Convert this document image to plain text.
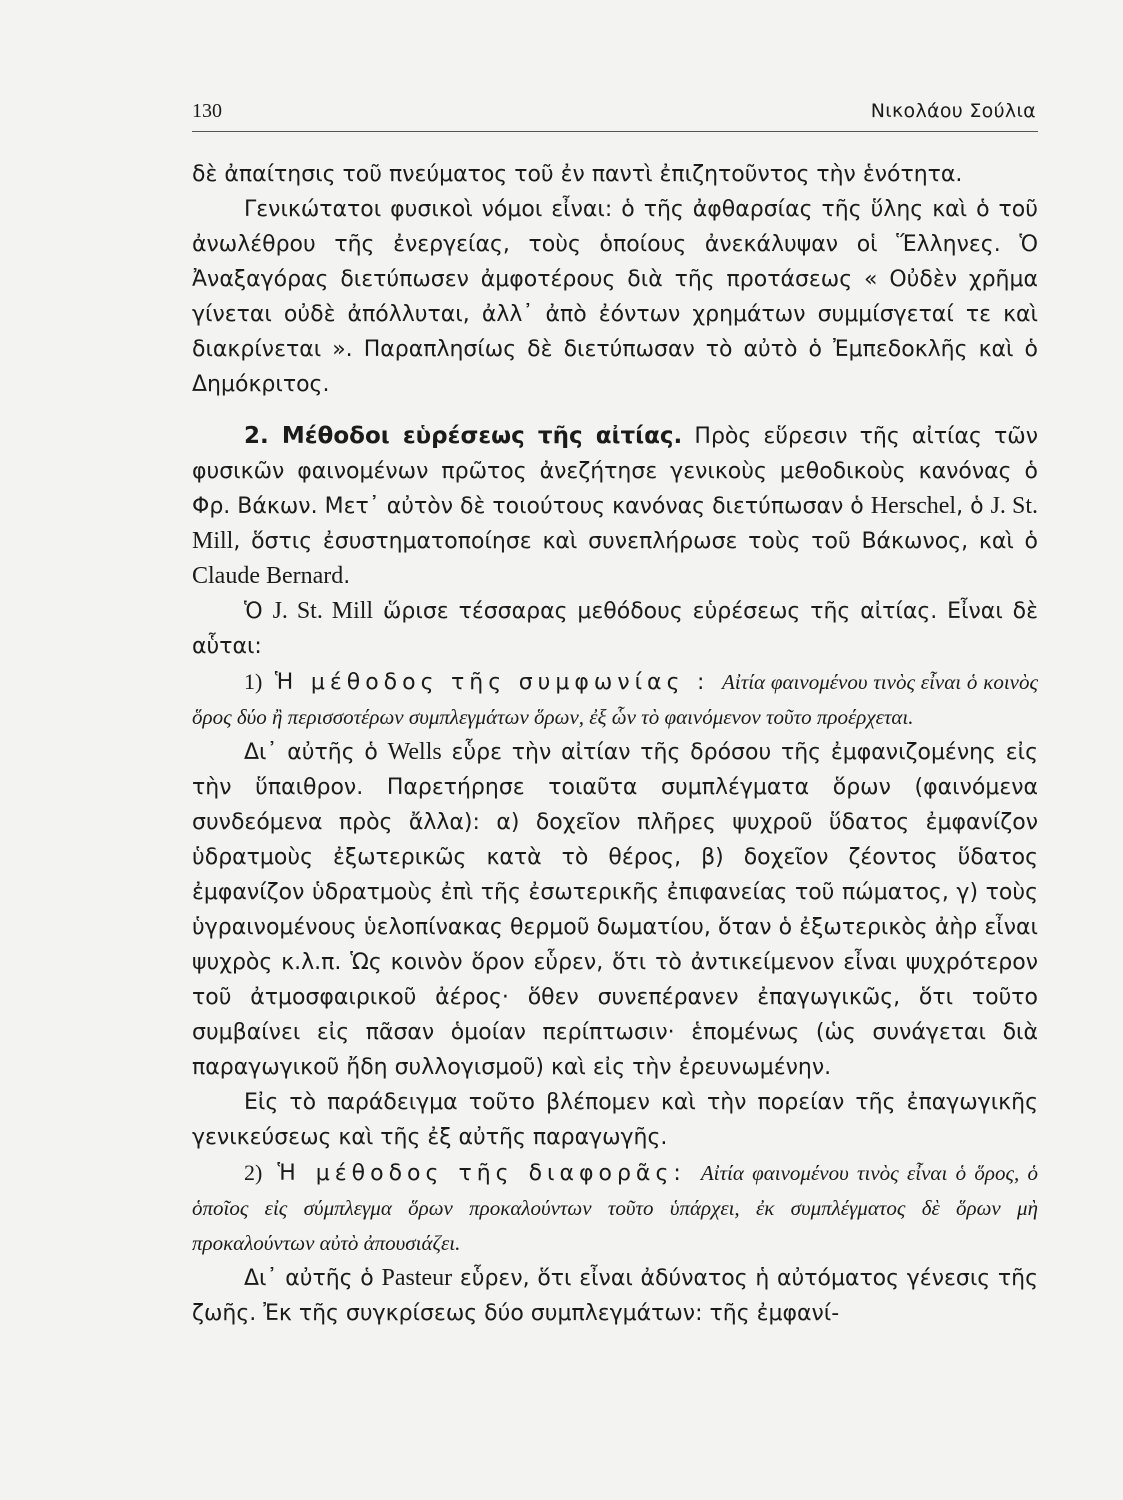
130	Νικολάου Σούλια

δὲ ἀπαίτησις τοῦ πνεύματος τοῦ ἐν παντὶ ἐπιζητοῦντος τὴν ἑνότητα.

Γενικώτατοι φυσικοὶ νόμοι εἶναι: ὁ τῆς ἀφθαρσίας τῆς ὕλης καὶ ὁ τοῦ ἀνωλέθρου τῆς ἐνεργείας, τοὺς ὁποίους ἀνεκάλυψαν οἱ Ἕλληνες. Ὁ Ἀναξαγόρας διετύπωσεν ἀμφοτέρους διὰ τῆς προτάσεως « Οὐδὲν χρῆμα γίνεται οὐδὲ ἀπόλλυται, ἀλλ᾽ ἀπὸ ἐόντων χρημάτων συμμίσγεταί τε καὶ διακρίνεται ». Παραπλησίως δὲ διετύπωσαν τὸ αὐτὸ ὁ Ἐμπεδοκλῆς καὶ ὁ Δημόκριτος.

2. Μέθοδοι εὑρέσεως τῆς αἰτίας. Πρὸς εὕρεσιν τῆς αἰτίας τῶν φυσικῶν φαινομένων πρῶτος ἀνεζήτησε γενικοὺς μεθοδικοὺς κανόνας ὁ Φρ. Βάκων. Μετ᾽ αὐτὸν δὲ τοιούτους κανόνας διετύπωσαν ὁ Herschel, ὁ J. St. Mill, ὅστις ἐσυστηματοποίησε καὶ συνεπλήρωσε τοὺς τοῦ Βάκωνος, καὶ ὁ Claude Bernard.

Ὁ J. St. Mill ὥρισε τέσσαρας μεθόδους εὑρέσεως τῆς αἰτίας. Εἶναι δὲ αὗται:

1) Ἡ μέθοδος τῆς συμφωνίας : Αἰτία φαινομένου τινὸς εἶναι ὁ κοινὸς ὅρος δύο ἢ περισσοτέρων συμπλεγμάτων ὅρων, ἐξ ὧν τὸ φαινόμενον τοῦτο προέρχεται.

Δι᾽ αὐτῆς ὁ Wells εὗρε τὴν αἰτίαν τῆς δρόσου τῆς ἐμφανιζομένης εἰς τὴν ὕπαιθρον. Παρετήρησε τοιαῦτα συμπλέγματα ὅρων (φαινόμενα συνδεόμενα πρὸς ἄλλα): α) δοχεῖον πλῆρες ψυχροῦ ὕδατος ἐμφανίζον ὑδρατμοὺς ἐξωτερικῶς κατὰ τὸ θέρος, β) δοχεῖον ζέοντος ὕδατος ἐμφανίζον ὑδρατμοὺς ἐπὶ τῆς ἐσωτερικῆς ἐπιφανείας τοῦ πώματος, γ) τοὺς ὑγραινομένους ὑελοπίνακας θερμοῦ δωματίου, ὅταν ὁ ἐξωτερικὸς ἀὴρ εἶναι ψυχρὸς κ.λ.π. Ὡς κοινὸν ὅρον εὗρεν, ὅτι τὸ ἀντικείμενον εἶναι ψυχρότερον τοῦ ἀτμοσφαιρικοῦ ἀέρος· ὅθεν συνεπέρανεν ἐπαγωγικῶς, ὅτι τοῦτο συμβαίνει εἰς πᾶσαν ὁμοίαν περίπτωσιν· ἑπομένως (ὡς συνάγεται διὰ παραγωγικοῦ ἤδη συλλογισμοῦ) καὶ εἰς τὴν ἐρευνωμένην.

Εἰς τὸ παράδειγμα τοῦτο βλέπομεν καὶ τὴν πορείαν τῆς ἐπαγωγικῆς γενικεύσεως καὶ τῆς ἐξ αὐτῆς παραγωγῆς.

2) Ἡ μέθοδος τῆς διαφορᾶς: Αἰτία φαινομένου τινὸς εἶναι ὁ ὅρος, ὁ ὁποῖος εἰς σύμπλεγμα ὅρων προκαλούντων τοῦτο ὑπάρχει, ἐκ συμπλέγματος δὲ ὅρων μὴ προκαλούντων αὐτὸ ἀπουσιάζει.

Δι᾽ αὐτῆς ὁ Pasteur εὗρεν, ὅτι εἶναι ἀδύνατος ἡ αὐτόματος γένεσις τῆς ζωῆς. Ἐκ τῆς συγκρίσεως δύο συμπλεγμάτων: τῆς ἐμφανί-
